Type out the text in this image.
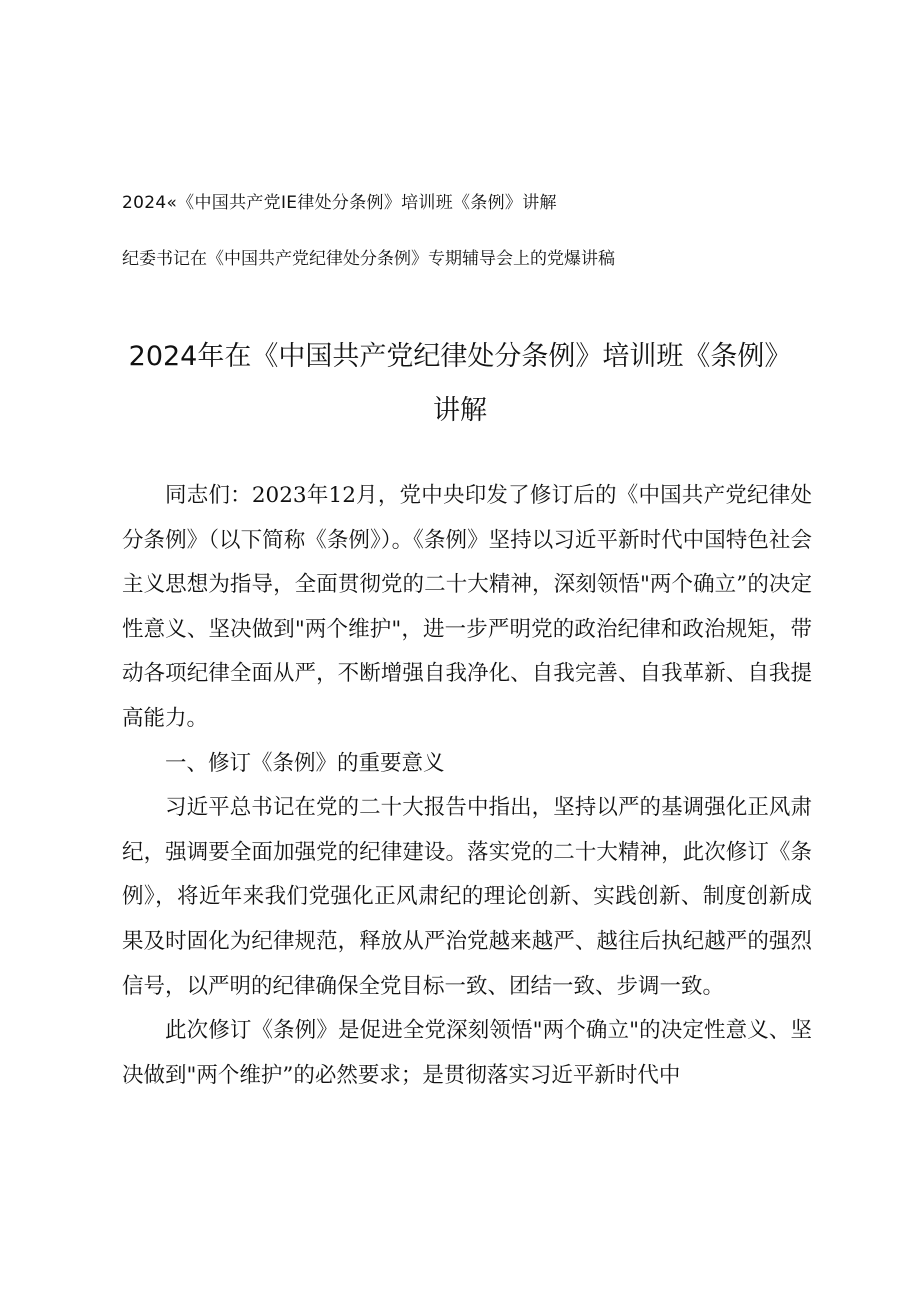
2024«《中国共产党IE律处分条例》培训班《条例》讲解
纪委书记在《中国共产党纪律处分条例》专期辅导会上的党爆讲稿
2024年在《中国共产党纪律处分条例》培训班《条例》
讲解

同志们：2023年12月，党中央印发了修订后的《中国共产党纪律处分条例》（以下简称《条例》）。《条例》坚持以习近平新时代中国特色社会主义思想为指导，全面贯彻党的二十大精神，深刻领悟"两个确立”的决定性意义、坚决做到"两个维护"，进一步严明党的政治纪律和政治规矩，带动各项纪律全面从严，不断增强自我净化、自我完善、自我革新、自我提高能力。

一、修订《条例》的重要意义

习近平总书记在党的二十大报告中指出，坚持以严的基调强化正风肃纪，强调要全面加强党的纪律建设。落实党的二十大精神，此次修订《条例》，将近年来我们党强化正风肃纪的理论创新、实践创新、制度创新成果及时固化为纪律规范，释放从严治党越来越严、越往后执纪越严的强烈信号，以严明的纪律确保全党目标一致、团结一致、步调一致。

此次修订《条例》是促进全党深刻领悟"两个确立"的决定性意义、坚决做到"两个维护”的必然要求；是贯彻落实习近平新时代中
